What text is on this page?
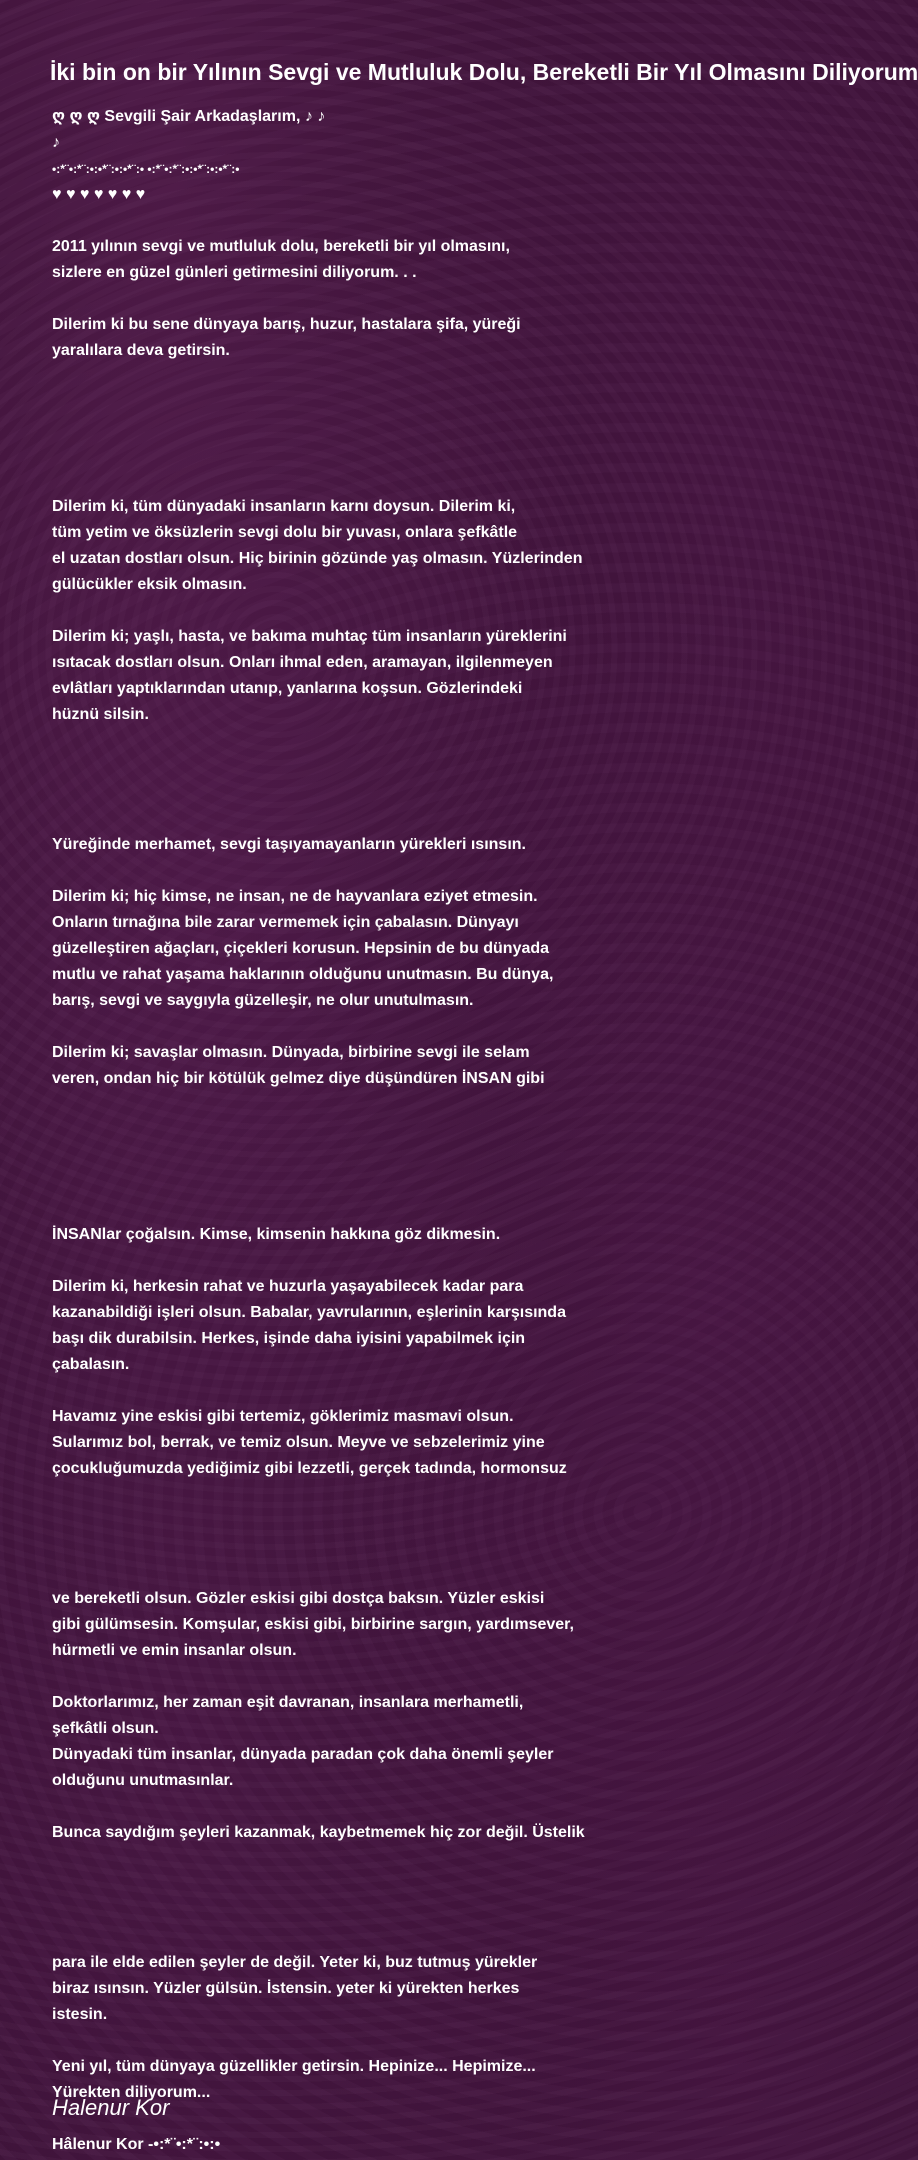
İki bin on bir Yılının Sevgi ve Mutluluk Dolu, Bereketli Bir Yıl Olmasını Diliyorum
ღ ღ ღ Sevgili Şair Arkadaşlarım, ♪ ♪
♪
•:*¨•:*¨:•:•*¨:•:•*¨:• •:*¨•:*¨:•:•*¨:•:•*¨:•
♥ ♥ ♥ ♥ ♥ ♥ ♥
2011 yılının sevgi ve mutluluk dolu, bereketli bir yıl olmasını,
sizlere en güzel günleri getirmesini diliyorum. . .
Dilerim ki bu sene dünyaya barış, huzur, hastalara şifa, yüreği
yaralılara deva getirsin.
Dilerim ki, tüm dünyadaki insanların karnı doysun. Dilerim ki,
tüm yetim ve öksüzlerin sevgi dolu bir yuvası, onlara şefkâtle
el uzatan dostları olsun. Hiç birinin gözünde yaş olmasın. Yüzlerinden
gülücükler eksik olmasın.
Dilerim ki; yaşlı, hasta, ve bakıma muhtaç tüm insanların yüreklerini
ısıtacak dostları olsun. Onları ihmal eden, aramayan, ilgilenmeyen
evlâtları yaptıklarından utanıp, yanlarına koşsun. Gözlerindeki
hüznü silsin.
Yüreğinde merhamet, sevgi taşıyamayanların yürekleri ısınsın.
Dilerim ki; hiç kimse, ne insan, ne de hayvanlara eziyet etmesin.
Onların tırnağına bile zarar vermemek için çabalasın. Dünyayı
güzelleştiren ağaçları, çiçekleri korusun. Hepsinin de bu dünyada
mutlu ve rahat yaşama haklarının olduğunu unutmasın. Bu dünya,
barış, sevgi ve saygıyla güzelleşir, ne olur unutulmasın.
Dilerim ki; savaşlar olmasın. Dünyada, birbirine sevgi ile selam
veren, ondan hiç bir kötülük gelmez diye düşündüren İNSAN gibi
İNSANlar çoğalsın. Kimse, kimsenin hakkına göz dikmesin.
Dilerim ki, herkesin rahat ve huzurla yaşayabilecek kadar para
kazanabildiği işleri olsun. Babalar, yavrularının, eşlerinin karşısında
başı dik durabilsin. Herkes, işinde daha iyisini yapabilmek için
çabalasın.
Havamız yine eskisi gibi tertemiz, göklerimiz masmavi olsun.
Sularımız bol, berrak, ve temiz olsun. Meyve ve sebzelerimiz yine
çocukluğumuzda yediğimiz gibi lezzetli, gerçek tadında, hormonsuz
ve bereketli olsun. Gözler eskisi gibi dostça baksın. Yüzler eskisi
gibi gülümsesin. Komşular, eskisi gibi, birbirine sargın, yardımsever,
hürmetli ve emin insanlar olsun.
Doktorlarımız, her zaman eşit davranan, insanlara merhametli,
şefkâtli olsun.
Dünyadaki tüm insanlar, dünyada paradan çok daha önemli şeyler
olduğunu unutmasınlar.
Bunca saydığım şeyleri kazanmak, kaybetmemek hiç zor değil. Üstelik
para ile elde edilen şeyler de değil. Yeter ki, buz tutmuş yürekler
biraz ısınsın. Yüzler gülsün. İstensin. yeter ki yürekten herkes
istesin.
Yeni yıl, tüm dünyaya güzellikler getirsin. Hepinize... Hepimize...
Yürekten diliyorum...
Hâlenur Kor -•:*¨•:*¨:•:•
Halenur Kor
